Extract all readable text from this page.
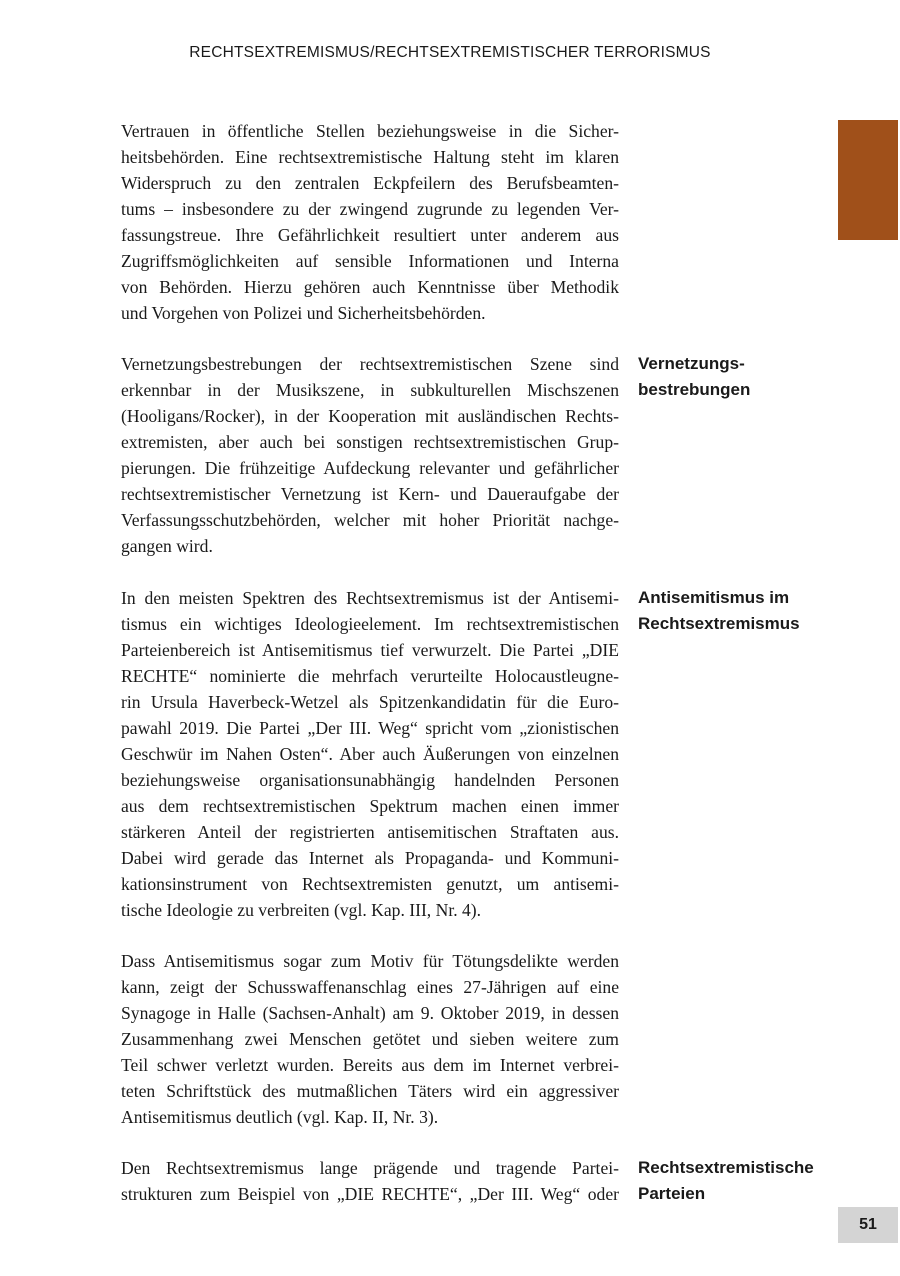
RECHTSEXTREMISMUS/RECHTSEXTREMISTISCHER TERRORISMUS
Vertrauen in öffentliche Stellen beziehungsweise in die Sicher-
heitsbehörden. Eine rechtsextremistische Haltung steht im klaren
Widerspruch zu den zentralen Eckpfeilern des Berufsbeamten-
tums – insbesondere zu der zwingend zugrunde zu legenden Ver-
fassungstreue. Ihre Gefährlichkeit resultiert unter anderem aus
Zugriffsmöglichkeiten auf sensible Informationen und Interna
von Behörden. Hierzu gehören auch Kenntnisse über Methodik
und Vorgehen von Polizei und Sicherheitsbehörden.
Vernetzungsbestrebungen der rechtsextremistischen Szene sind
erkennbar in der Musikszene, in subkulturellen Mischszenen
(Hooligans/Rocker), in der Kooperation mit ausländischen Rechts-
extremisten, aber auch bei sonstigen rechtsextremistischen Grup-
pierungen. Die frühzeitige Aufdeckung relevanter und gefährlicher
rechtsextremistischer Vernetzung ist Kern- und Daueraufgabe der
Verfassungsschutzbehörden, welcher mit hoher Priorität nachge-
gangen wird.
In den meisten Spektren des Rechtsextremismus ist der Antisemi-
tismus ein wichtiges Ideologieelement. Im rechtsextremistischen
Parteienbereich ist Antisemitismus tief verwurzelt. Die Partei „DIE
RECHTE“ nominierte die mehrfach verurteilte Holocaustleugne-
rin Ursula Haverbeck-Wetzel als Spitzenkandidatin für die Euro-
pawahl 2019. Die Partei „Der III. Weg“ spricht vom „zionistischen
Geschwür im Nahen Osten“. Aber auch Äußerungen von einzelnen
beziehungsweise organisationsunabhängig handelnden Personen
aus dem rechtsextremistischen Spektrum machen einen immer
stärkeren Anteil der registrierten antisemitischen Straftaten aus.
Dabei wird gerade das Internet als Propaganda- und Kommuni-
kationsinstrument von Rechtsextremisten genutzt, um antisemi-
tische Ideologie zu verbreiten (vgl. Kap. III, Nr. 4).
Dass Antisemitismus sogar zum Motiv für Tötungsdelikte werden
kann, zeigt der Schusswaffenanschlag eines 27-Jährigen auf eine
Synagoge in Halle (Sachsen-Anhalt) am 9. Oktober 2019, in dessen
Zusammenhang zwei Menschen getötet und sieben weitere zum
Teil schwer verletzt wurden. Bereits aus dem im Internet verbrei-
teten Schriftstück des mutmaßlichen Täters wird ein aggressiver
Antisemitismus deutlich (vgl. Kap. II, Nr. 3).
Den Rechtsextremismus lange prägende und tragende Partei-
strukturen zum Beispiel von „DIE RECHTE“, „Der III. Weg“ oder
Vernetzungs-
bestrebungen
Antisemitismus im
Rechtsextremismus
Rechtsextremistische
Parteien
51
